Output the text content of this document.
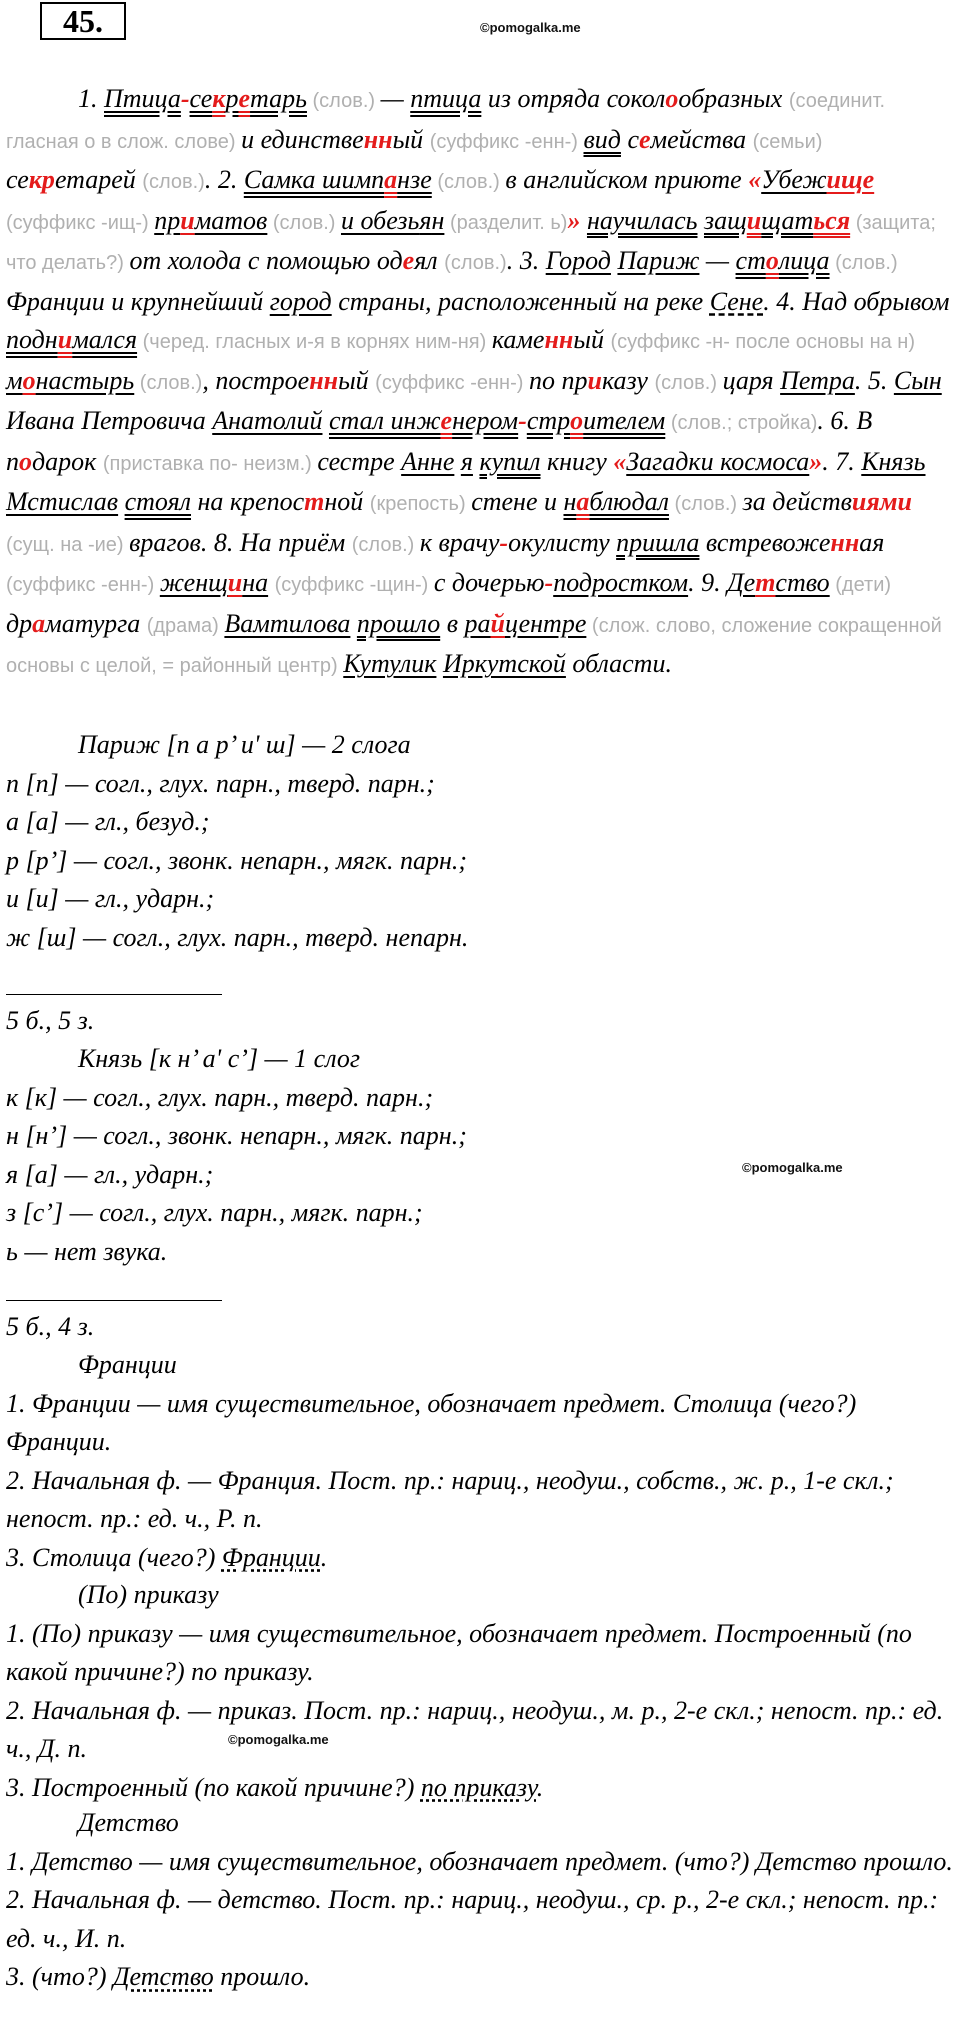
45.	©pomogalka.me

1. Птица-секретарь (слов.) — птица из отряда соколообразных (соединит. гласная о в слож. слове) и единственный (суффикс -енн-) вид семейства (семьи) секретарей (слов.). 2. Самка шимпанзе (слов.) в английском приюте «Убежище (суффикс -ищ-) приматов (слов.) и обезьян (разделит. ь)» научилась защищаться (защита; что делать?) от холода с помощью одеял (слов.). 3. Город Париж — столица (слов.) Франции и крупнейший город страны, расположенный на реке Сене. 4. Над обрывом поднимался (черед. гласных и-я в корнях ним-ня) каменный (суффикс -н- после основы на н) монастырь (слов.), построенный (суффикс -енн-) по приказу (слов.) царя Петра. 5. Сын Ивана Петровича Анатолий стал инженером-строителем (слов.; стройка). 6. В подарок (приставка по- неизм.) сестре Анне я купил книгу «Загадки космоса». 7. Князь Мстислав стоял на крепостной (крепость) стене и наблюдал (слов.) за действиями (сущ. на -ие) врагов. 8. На приём (слов.) к врачу-окулисту пришла встревоженная (суффикс -енн-) женщина (суффикс -щин-) с дочерью-подростком. 9. Детство (дети) драматурга (драма) Вамтилова прошло в райцентре (слож. слово, сложение сокращенной основы с целой, = районный центр) Кутулик Иркутской области.

Париж [п а р’ и' ш] — 2 слога
п [п] — согл., глух. парн., тверд. парн.;
а [а] — гл., безуд.;
р [р’] — согл., звонк. непарн., мягк. парн.;
и [и] — гл., ударн.;
ж [ш] — согл., глух. парн., тверд. непарн.
5 б., 5 з.
Князь [к н’ а' с’] — 1 слог
к [к] — согл., глух. парн., тверд. парн.;
н [н’] — согл., звонк. непарн., мягк. парн.;
я [а] — гл., ударн.;
з [с’] — согл., глух. парн., мягк. парн.;
ь — нет звука.
©pomogalka.me
5 б., 4 з.
Франции
1. Франции — имя существительное, обозначает предмет. Столица (чего?) Франции.
2. Начальная ф. — Франция. Пост. пр.: нариц., неодуш., собств., ж. р., 1-е скл.; непост. пр.: ед. ч., Р. п.
3. Столица (чего?) Франции.
(По) приказу
1. (По) приказу — имя существительное, обозначает предмет. Построенный (по какой причине?) по приказу.
2. Начальная ф. — приказ. Пост. пр.: нариц., неодуш., м. р., 2-е скл.; непост. пр.: ед. ч., Д. п.
3. Построенный (по какой причине?) по приказу.
©pomogalka.me
Детство
1. Детство — имя существительное, обозначает предмет. (что?) Детство прошло.
2. Начальная ф. — детство. Пост. пр.: нариц., неодуш., ср. р., 2-е скл.; непост. пр.: ед. ч., И. п.
3. (что?) Детство прошло.
